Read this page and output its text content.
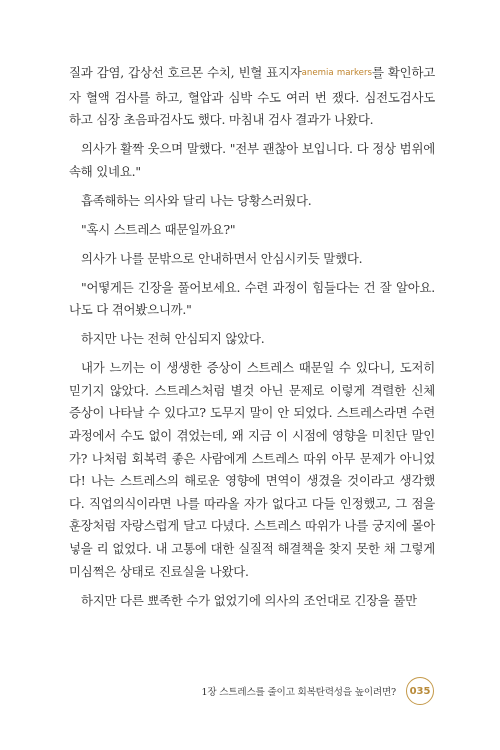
질과 감염, 갑상선 호르몬 수치, 빈혈 표지자anemia markers를 확인하고 자 혈액 검사를 하고, 혈압과 심박 수도 여러 번 쟀다. 심전도검사도 하고 심장 초음파검사도 했다. 마침내 검사 결과가 나왔다.

의사가 활짝 웃으며 말했다. "전부 괜찮아 보입니다. 다 정상 범위에 속해 있네요."

흡족해하는 의사와 달리 나는 당황스러웠다.

"혹시 스트레스 때문일까요?"

의사가 나를 문밖으로 안내하면서 안심시키듯 말했다.

"어떻게든 긴장을 풀어보세요. 수련 과정이 힘들다는 건 잘 알아요. 나도 다 겪어봤으니까."

하지만 나는 전혀 안심되지 않았다.

내가 느끼는 이 생생한 증상이 스트레스 때문일 수 있다니, 도저히 믿기지 않았다. 스트레스처럼 별것 아닌 문제로 이렇게 격렬한 신체 증상이 나타날 수 있다고? 도무지 말이 안 되었다. 스트레스라면 수련 과정에서 수도 없이 겪었는데, 왜 지금 이 시점에 영향을 미친단 말인가? 나처럼 회복력 좋은 사람에게 스트레스 따위 아무 문제가 아니었다! 나는 스트레스의 해로운 영향에 면역이 생겼을 것이라고 생각했다. 직업의식이라면 나를 따라올 자가 없다고 다들 인정했고, 그 점을 훈장처럼 자랑스럽게 달고 다녔다. 스트레스 따위가 나를 궁지에 몰아넣을 리 없었다. 내 고통에 대한 실질적 해결책을 찾지 못한 채 그렇게 미심쩍은 상태로 진료실을 나왔다.

하지만 다른 뾰족한 수가 없었기에 의사의 조언대로 긴장을 풀만

1장 스트레스를 줄이고 회복탄력성을 높이려면?	035
